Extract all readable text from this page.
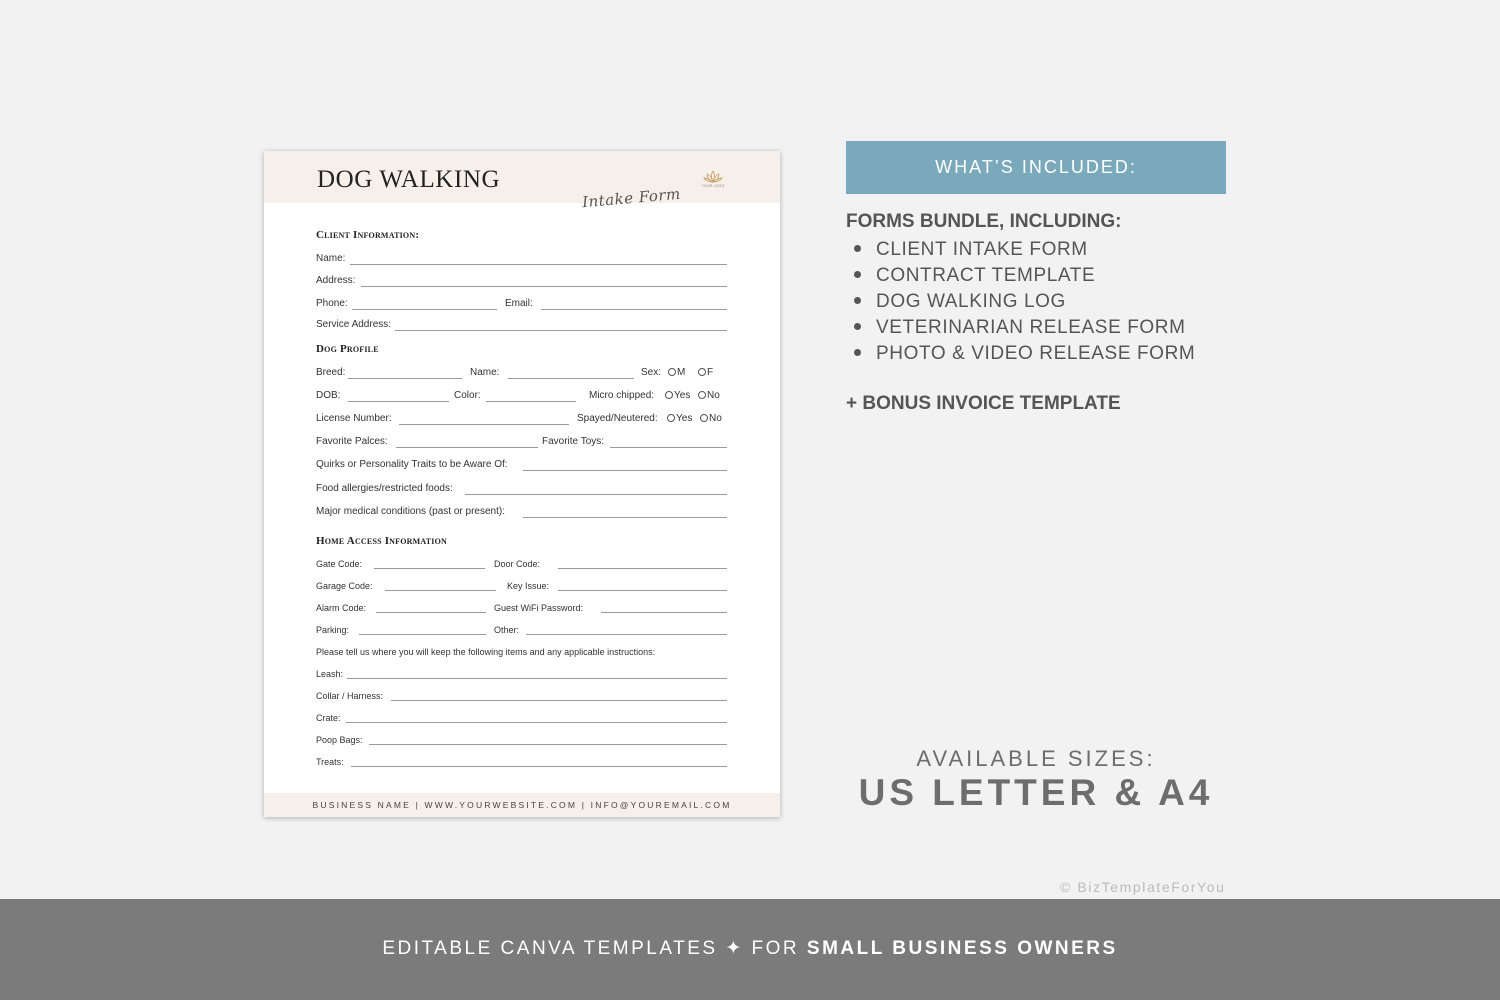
DOG WALKING
Intake Form	YOUR LOGO
Client Information:
Name:
Address:
Phone:	Email:
Service Address:
Dog Profile
Breed:	Name:	Sex:	M	F
DOB:	Color:	Micro chipped:	Yes	No
License Number:	Spayed/Neutered:	Yes	No
Favorite Palces:	Favorite Toys:
Quirks or Personality Traits to be Aware Of:
Food allergies/restricted foods:
Major medical conditions (past or present):
Home Access Information
Gate Code:	Door Code:
Garage Code:	Key Issue:
Alarm Code:	Guest WiFi Password:
Parking:	Other:
Please tell us where you will keep the following items and any applicable instructions:
Leash:
Collar / Harness:
Crate:
Poop Bags:
Treats:
BUSINESS NAME | WWW.YOURWEBSITE.COM | INFO@YOUREMAIL.COM
WHAT’S INCLUDED:
FORMS BUNDLE, INCLUDING:
CLIENT INTAKE FORM
CONTRACT TEMPLATE
DOG WALKING LOG
VETERINARIAN RELEASE FORM
PHOTO & VIDEO RELEASE FORM
+ BONUS INVOICE TEMPLATE
AVAILABLE SIZES:
US LETTER & A4
© BizTemplateForYou
EDITABLE CANVA TEMPLATES ✦ FOR SMALL BUSINESS OWNERS
